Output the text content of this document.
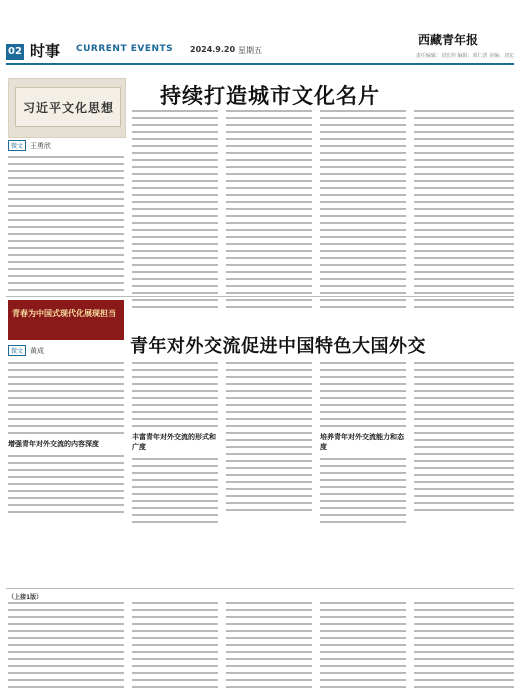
02 时事 CURRENT EVENTS 2024.9.20 星期五
西藏青年报
责任编辑：刘宏伟 编辑：邓仁清 美编：刘宏
习近平文化思想 持续打造城市文化名片
微文 王勇欣
青春为中国式现代化展现担当
青年对外交流促进中国特色大国外交
微文 黄成
增强青年对外交流的内容深度
丰富青年对外交流的形式和广度
培养青年对外交流能力和态度
（上接1版）
